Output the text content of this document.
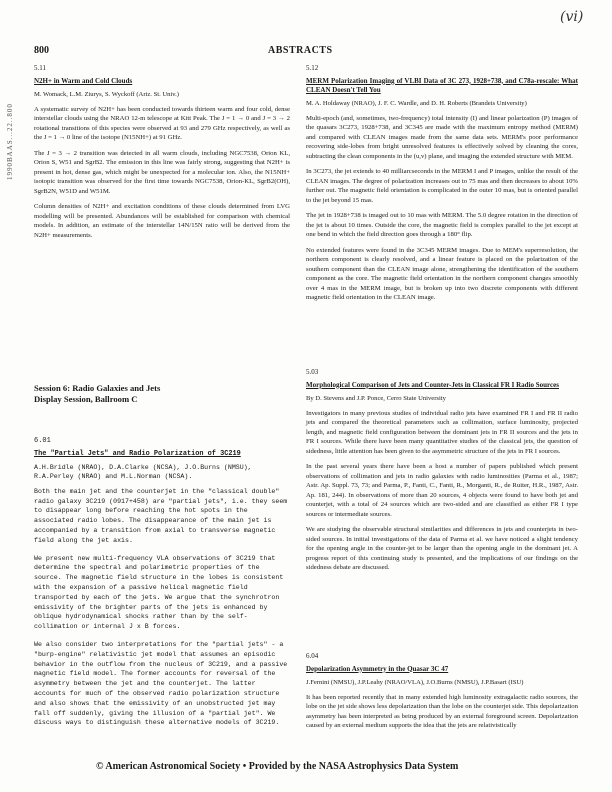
(vi)
800	ABSTRACTS
1990BAAS...22..800
5.11
N2H+ in Warm and Cold Clouds
M. Womack, L.M. Ziurys, S. Wyckoff (Ariz. St. Univ.)

A systematic survey of N2H+ has been conducted towards thirteen warm and four cold, dense interstellar clouds using the NRAO 12-m telescope at Kitt Peak. The J = 1 → 0 and J = 3 → 2 rotational transitions of this species were observed at 93 and 279 GHz respectively, as well as the J = 1 → 0 line of the isotope (N15NH+) at 91 GHz.

The J = 3 → 2 transition was detected in all warm clouds, including NGC7538, Orion KL, Orion S, W51 and SgrB2. The emission in this line was fairly strong, suggesting that N2H+ is present in hot, dense gas, which might be unexpected for a molecular ion. Also, the N15NH+ isotopic transition was observed for the first time towards NGC7538, Orion-KL, SgrB2(OH), SgrB2N, W51D and W51M.

Column densities of N2H+ and excitation conditions of these clouds determined from LVG modelling will be presented. Abundances will be established for comparison with chemical models. In addition, an estimate of the interstellar 14N/15N ratio will be derived from the N2H+ measurements.

Session 6: Radio Galaxies and Jets
Display Session, Ballroom C
6.01
The "Partial Jets" and Radio Polarization of 3C219
A.H.Bridle (NRAO), D.A.Clarke (NCSA), J.O.Burns (NMSU), R.A.Perley (NRAO) and M.L.Norman (NCSA).

Both the main jet and the counterjet in the "classical double" radio galaxy 3C219 (0917+458) are "partial jets", i.e. they seem to disappear long before reaching the hot spots in the associated radio lobes. The disappearance of the main jet is accompanied by a transition from axial to transverse magnetic field along the jet axis.

We present new multi-frequency VLA observations of 3C219 that determine the spectral and polarimetric properties of the source. The magnetic field structure in the lobes is consistent with the expansion of a passive helical magnetic field transported by each of the jets. We argue that the synchrotron emissivity of the brighter parts of the jets is enhanced by oblique hydrodynamical shocks rather than by the self-collimation or internal J x B forces.

We also consider two interpretations for the "partial jets" - a "burp-engine" relativistic jet model that assumes an episodic behavior in the outflow from the nucleus of 3C219, and a passive magnetic field model. The former accounts for reversal of the asymmetry between the jet and the counterjet. The latter accounts for much of the observed radio polarization structure and also shows that the emissivity of an unobstructed jet may fall off suddenly, giving the illusion of a "partial jet". We discuss ways to distinguish these alternative models of 3C219.

5.12
MERM Polarization Imaging of VLBI Data of 3C 273, 1928+738, and C78a-rescale: What CLEAN Doesn't Tell You
M. A. Holdaway (NRAO), J. F. C. Wardle, and D. H. Roberts (Brandeis University)

Multi-epoch (and, sometimes, two-frequency) total intensity (I) and linear polarization (P) images of the quasars 3C273, 1928+738, and 3C345 are made with the maximum entropy method (MERM) and compared with CLEAN images made from the same data sets. MERM's poor performance recovering side-lobes from bright unresolved features is effectively solved by cleaning the cores, subtracting the clean components in the (u,v) plane, and imaging the extended structure with MEM.

In 3C273, the jet extends to 40 milliarcseconds in the MERM I and P images, unlike the result of the CLEAN images. The degree of polarization increases out to 75 mas and then decreases to about 10% further out. The magnetic field orientation is complicated in the outer 10 mas, but is oriented parallel to the jet beyond 15 mas.

The jet in 1928+738 is imaged out to 10 mas with MERM. The 5.0 degree rotation in the direction of the jet is about 10 times. Outside the core, the magnetic field is complex parallel to the jet except at one bend in which the field direction goes through a 180° flip.

No extended features were found in the 3C345 MERM images. Due to MEM's superresolution, the northern component is clearly resolved, and a linear feature is placed on the polarization of the southern component than the CLEAN image alone, strengthening the identification of the southern component as the core. The magnetic field orientation in the northern component changes smoothly over 4 mas in the MERM image, but is broken up into two discrete components with different magnetic field orientation in the CLEAN image.

5.03
Morphological Comparison of Jets and Counter-Jets in Classical FR I Radio Sources
By D. Stevens and J.P. Ponce, Cerro State University

Investigators in many previous studies of individual radio jets have examined FR I and FR II radio jets and compared the theoretical parameters such as collimation, surface luminosity, projected length, and magnetic field configuration between the dominant jets in FR II sources and the jets in FR I sources. While there have been many quantitative studies of the classical jets, the question of sidedness, little attention has been given to the asymmetric structure of the jets in FR I sources.

In the past several years there have been a host a number of papers published which present observations of collimation and jets in radio galaxies with radio luminosities (Parma et al., 1987; Astr. Ap. Suppl. 73, 73; and Parma, P., Fanti, C., Fanti, R., Morganti, R., de Ruiter, H.R., 1987, Astr. Ap. 181, 244). In observations of more than 20 sources, 4 objects were found to have both jet and counterjet, with a total of 24 sources which are two-sided and are classified as either FR I type sources or intermediate sources.

We are studying the observable structural similarities and differences in jets and counterjets in two-sided sources. In initial investigations of the data of Parma et al. we have noticed a slight tendency for the opening angle in the counter-jet to be larger than the opening angle in the dominant jet. A progress report of this continuing study is presented, and the implications of our findings on the sidedness debate are discussed.

6.04
Depolarization Asymmetry in the Quasar 3C 47
J.Fernini (NMSU), J.P.Leahy (NRAO/VLA), J.O.Burns (NMSU), J.P.Basart (ISU)

It has been reported recently that in many extended high luminosity extragalactic radio sources, the lobe on the jet side shows less depolarization than the lobe on the counterjet side. This depolarization asymmetry has been interpreted as being produced by an external foreground screen. Depolarization caused by an external medium supports the idea that the jets are relativistically

© American Astronomical Society • Provided by the NASA Astrophysics Data System
